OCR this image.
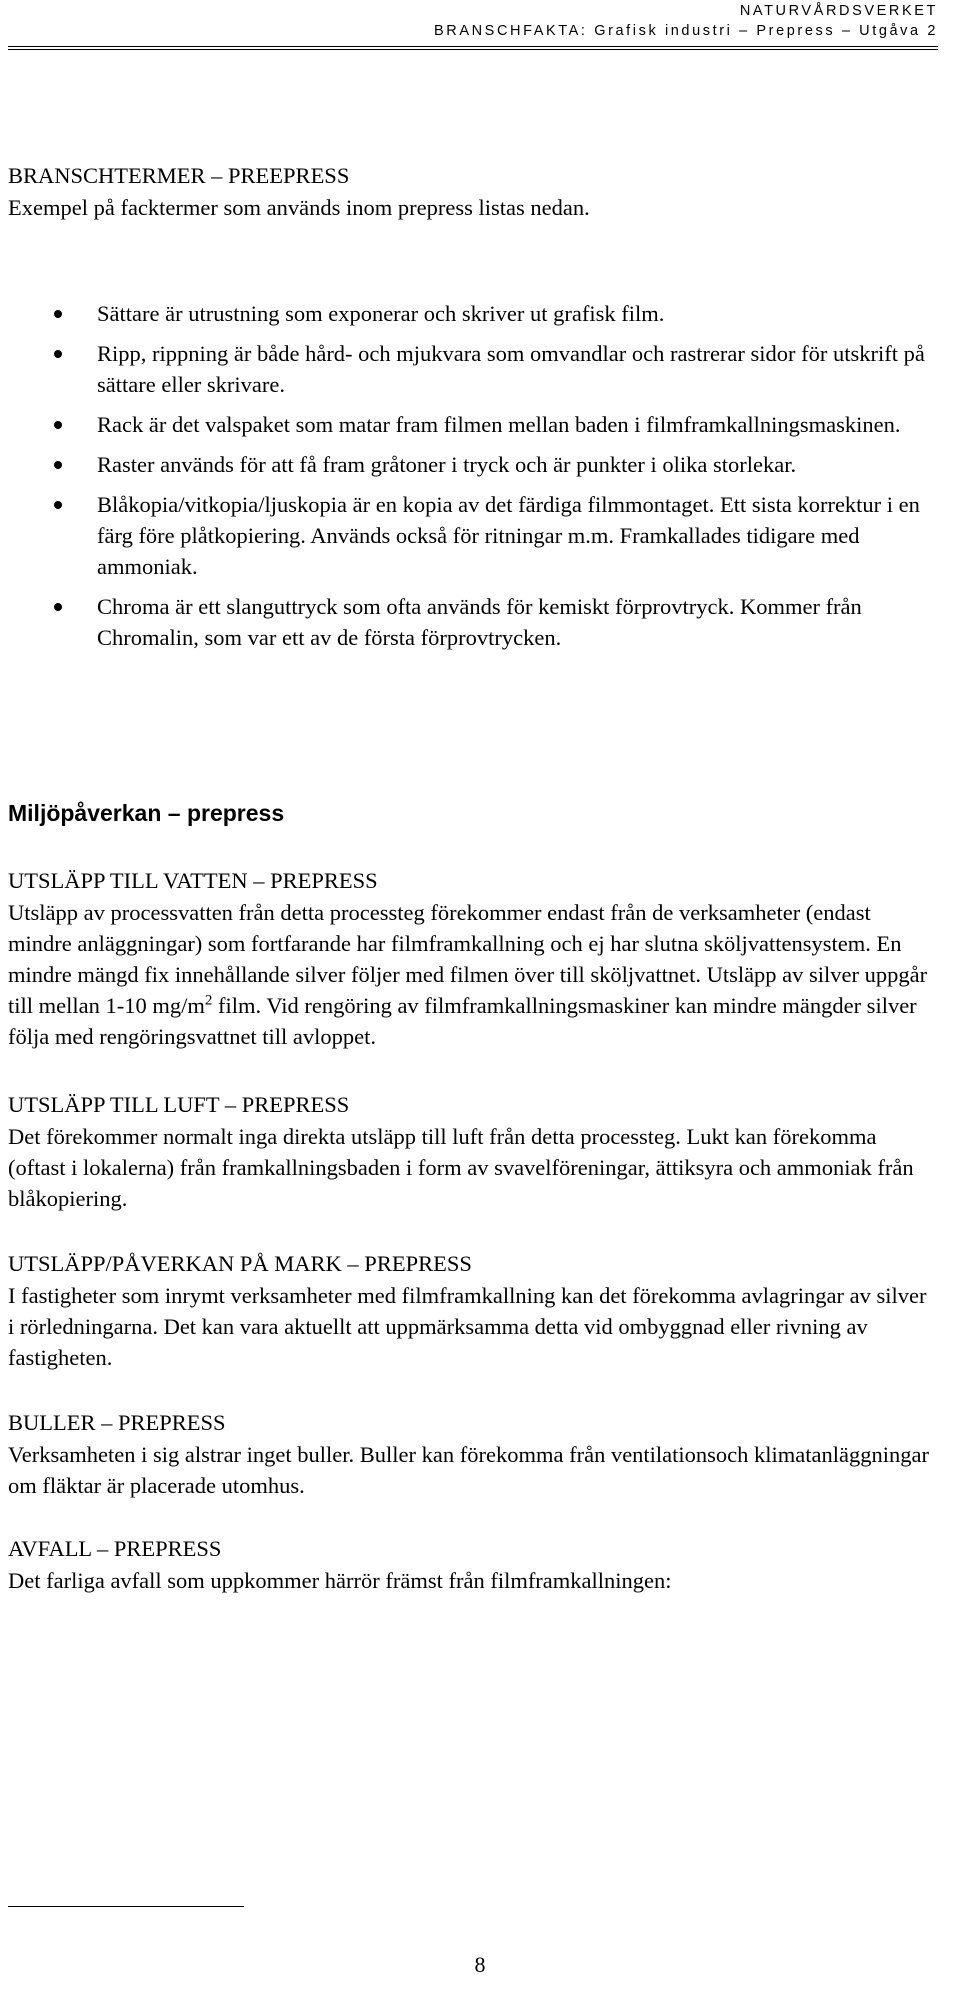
NATURVÅRDSVERKET
BRANSCHFAKTA: Grafisk industri – Prepress – Utgåva 2
BRANSCHTERMER – PREEPRESS
Exempel på facktermer som används inom prepress listas nedan.
Sättare är utrustning som exponerar och skriver ut grafisk film.
Ripp, rippning är både hård- och mjukvara som omvandlar och rastrerar sidor för utskrift på sättare eller skrivare.
Rack är det valspaket som matar fram filmen mellan baden i filmframkallningsmaskinen.
Raster används för att få fram gråtoner i tryck och är punkter i olika storlekar.
Blåkopia/vitkopia/ljuskopia är en kopia av det färdiga filmmontaget. Ett sista korrektur i en färg före plåtkopiering. Används också för ritningar m.m. Framkallades tidigare med ammoniak.
Chroma är ett slanguttryck som ofta används för kemiskt förprovtryck. Kommer från Chromalin, som var ett av de första förprovtrycken.
Miljöpåverkan – prepress
UTSLÄPP TILL VATTEN – PREPRESS
Utsläpp av processvatten från detta processteg förekommer endast från de verksamheter (endast mindre anläggningar) som fortfarande har filmframkallning och ej har slutna sköljvattensystem. En mindre mängd fix innehållande silver följer med filmen över till sköljvattnet. Utsläpp av silver uppgår till mellan 1-10 $mg/m^2$ film. Vid rengöring av filmframkallningsmaskiner kan mindre mängder silver följa med rengöringsvattnet till avloppet.
UTSLÄPP TILL LUFT – PREPRESS
Det förekommer normalt inga direkta utsläpp till luft från detta processteg. Lukt kan förekomma (oftast i lokalerna) från framkallningsbaden i form av svavelföreningar, ättiksyra och ammoniak från blåkopiering.
UTSLÄPP/PÅVERKAN PÅ MARK – PREPRESS
I fastigheter som inrymt verksamheter med filmframkallning kan det förekomma avlagringar av silver i rörledningarna. Det kan vara aktuellt att uppmärksamma detta vid ombyggnad eller rivning av fastigheten.
BULLER – PREPRESS
Verksamheten i sig alstrar inget buller. Buller kan förekomma från ventilationsoch klimatanläggningar om fläktar är placerade utomhus.
AVFALL – PREPRESS
Det farliga avfall som uppkommer härrör främst från filmframkallningen:
8
